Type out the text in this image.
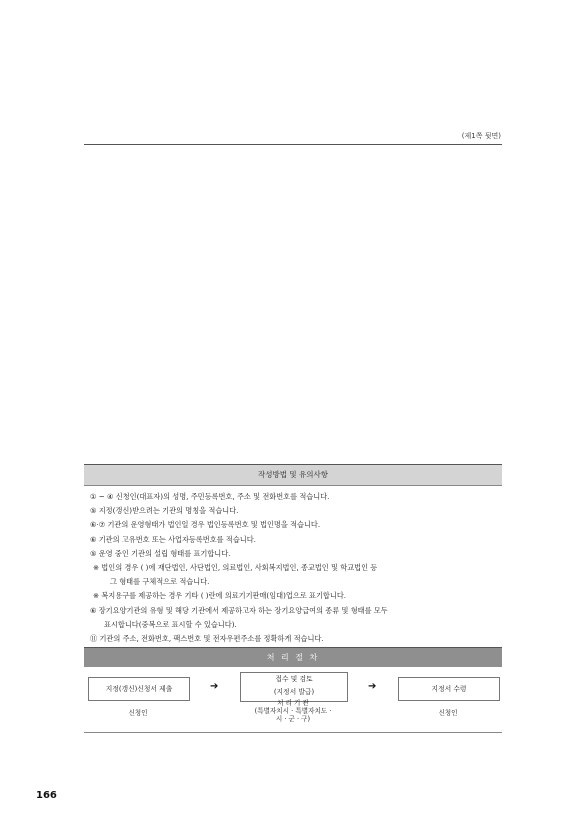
(제1쪽 뒷면)
작성방법 및 유의사항
① ~ ④ 신청인(대표자)의 성명, 주민등록번호, 주소 및 전화번호를 적습니다.
⑤ 지정(갱신)받으려는 기관의 명칭을 적습니다.
⑥·⑦ 기관의 운영형태가 법인일 경우 법인등록번호 및 법인명을 적습니다.
⑥ 기관의 고유번호 또는 사업자등록번호를 적습니다.
⑤ 운영 중인 기관의 설립 형태를 표기합니다.
※ 법인의 경우 ( )에 재단법인, 사단법인, 의료법인, 사회복지법인, 종교법인 및 학교법인 등
그 형태를 구체적으로 적습니다.
※ 복지용구를 제공하는 경우 기타 ( )란에 의료기기판매(임대)업으로 표기합니다.
⑥ 장기요양기관의 유형 및 해당 기관에서 제공하고자 하는 장기요양급여의 종류 및 형태를 모두
표시합니다(중복으로 표시할 수 있습니다).
⑪ 기관의 주소, 전화번호, 팩스번호 및 전자우편주소를 정확하게 적습니다.
처 리 절 차
지정(갱신)신청서 제출	➔
접수 및 검토
(지정서 발급)	➔	지정서 수령
신청인
처 리 기 관
(특별자치시 · 특별자치도 ·
시 · 군 · 구)
신청인
166
